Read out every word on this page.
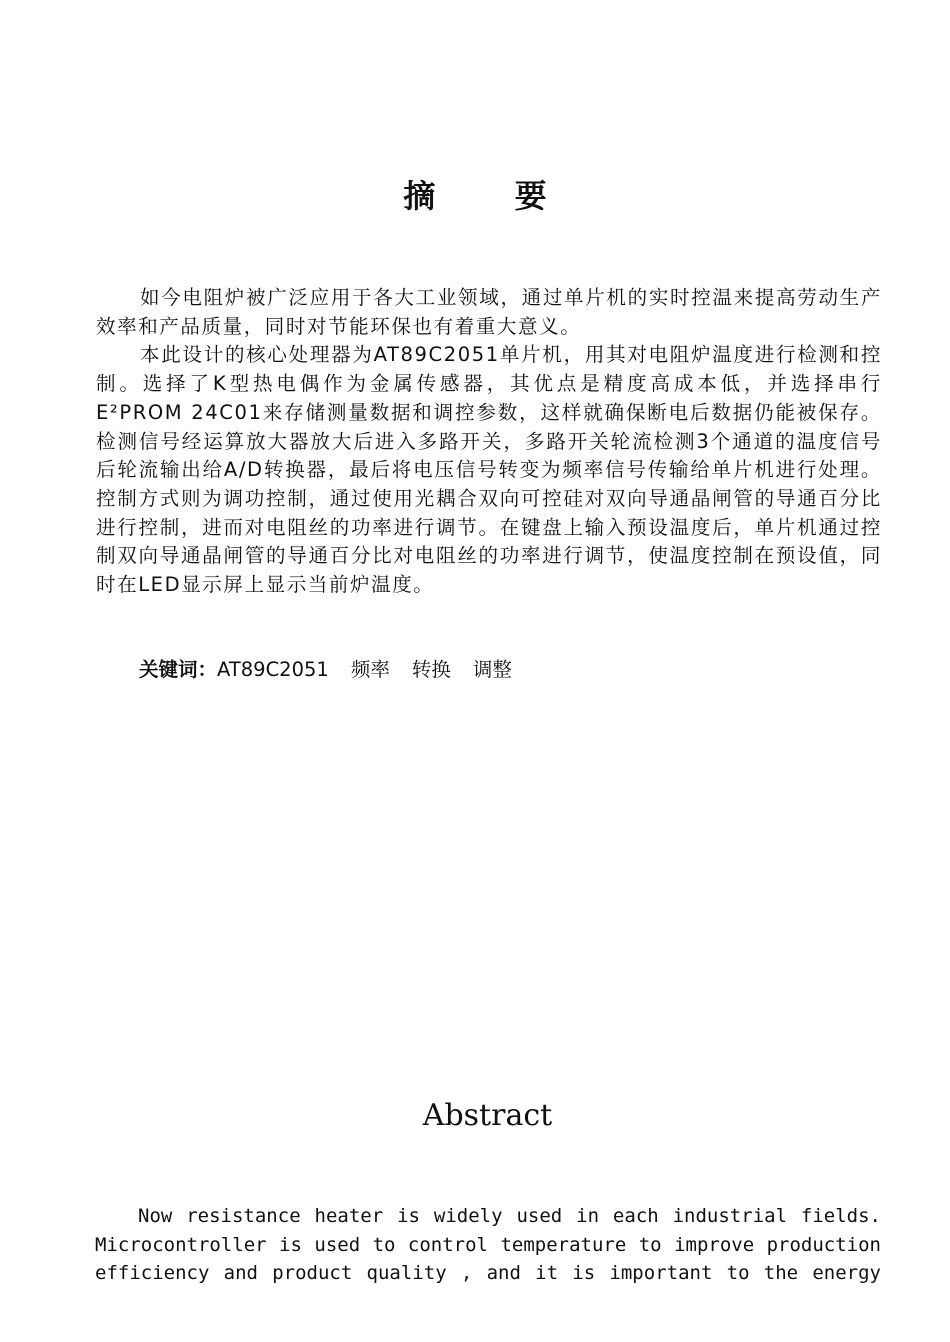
摘 要

如今电阻炉被广泛应用于各大工业领域，通过单片机的实时控温来提高劳动生产效率和产品质量，同时对节能环保也有着重大意义。

本此设计的核心处理器为AT89C2051单片机，用其对电阻炉温度进行检测和控制。选择了K型热电偶作为金属传感器，其优点是精度高成本低，并选择串行E²PROM 24C01来存储测量数据和调控参数，这样就确保断电后数据仍能被保存。检测信号经运算放大器放大后进入多路开关，多路开关轮流检测3个通道的温度信号后轮流输出给A/D转换器，最后将电压信号转变为频率信号传输给单片机进行处理。控制方式则为调功控制，通过使用光耦合双向可控硅对双向导通晶闸管的导通百分比进行控制，进而对电阻丝的功率进行调节。在键盘上输入预设温度后，单片机通过控制双向导通晶闸管的导通百分比对电阻丝的功率进行调节，使温度控制在预设值，同时在LED显示屏上显示当前炉温度。

关键词：AT89C2051 频率 转换 调整
Abstract

Now resistance heater is widely used in each industrial fields. Microcontroller is used to control temperature to improve production efficiency and product quality , and it is important to the energy
